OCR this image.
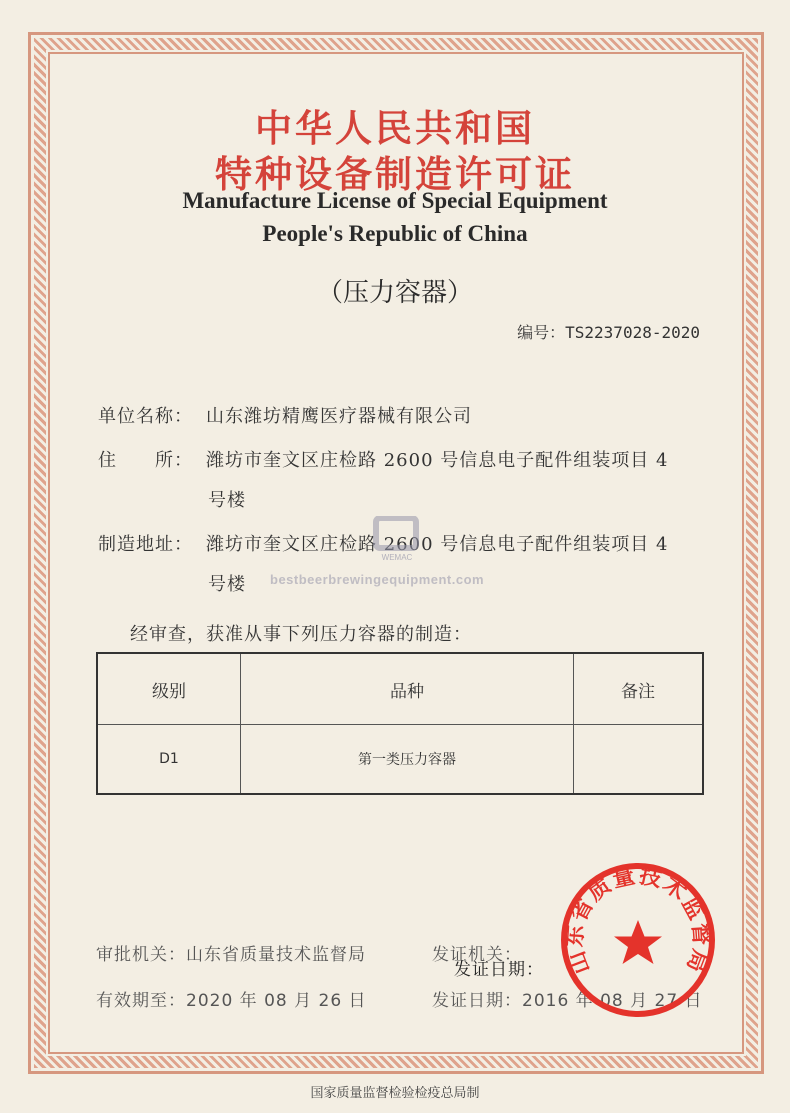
中华人民共和国
特种设备制造许可证
Manufacture License of Special Equipment
People's Republic of China
（压力容器）
编号：TS2237028-2020
单位名称： 山东潍坊精鹰医疗器械有限公司
住　　所： 潍坊市奎文区庄检路 2600 号信息电子配件组装项目 4
号楼
制造地址： 潍坊市奎文区庄检路 2600 号信息电子配件组装项目 4
号楼
WEMAC
bestbeerbrewingequipment.com
经审查，获准从事下列压力容器的制造：
级别	品种	备注
D1	第一类压力容器	
审批机关：山东省质量技术监督局	发证机关：
发证日期：
有效期至：2020 年 08 月 26 日	发证日期：2016 年 08 月 27 日
山东省质量技术监督局
国家质量监督检验检疫总局制
